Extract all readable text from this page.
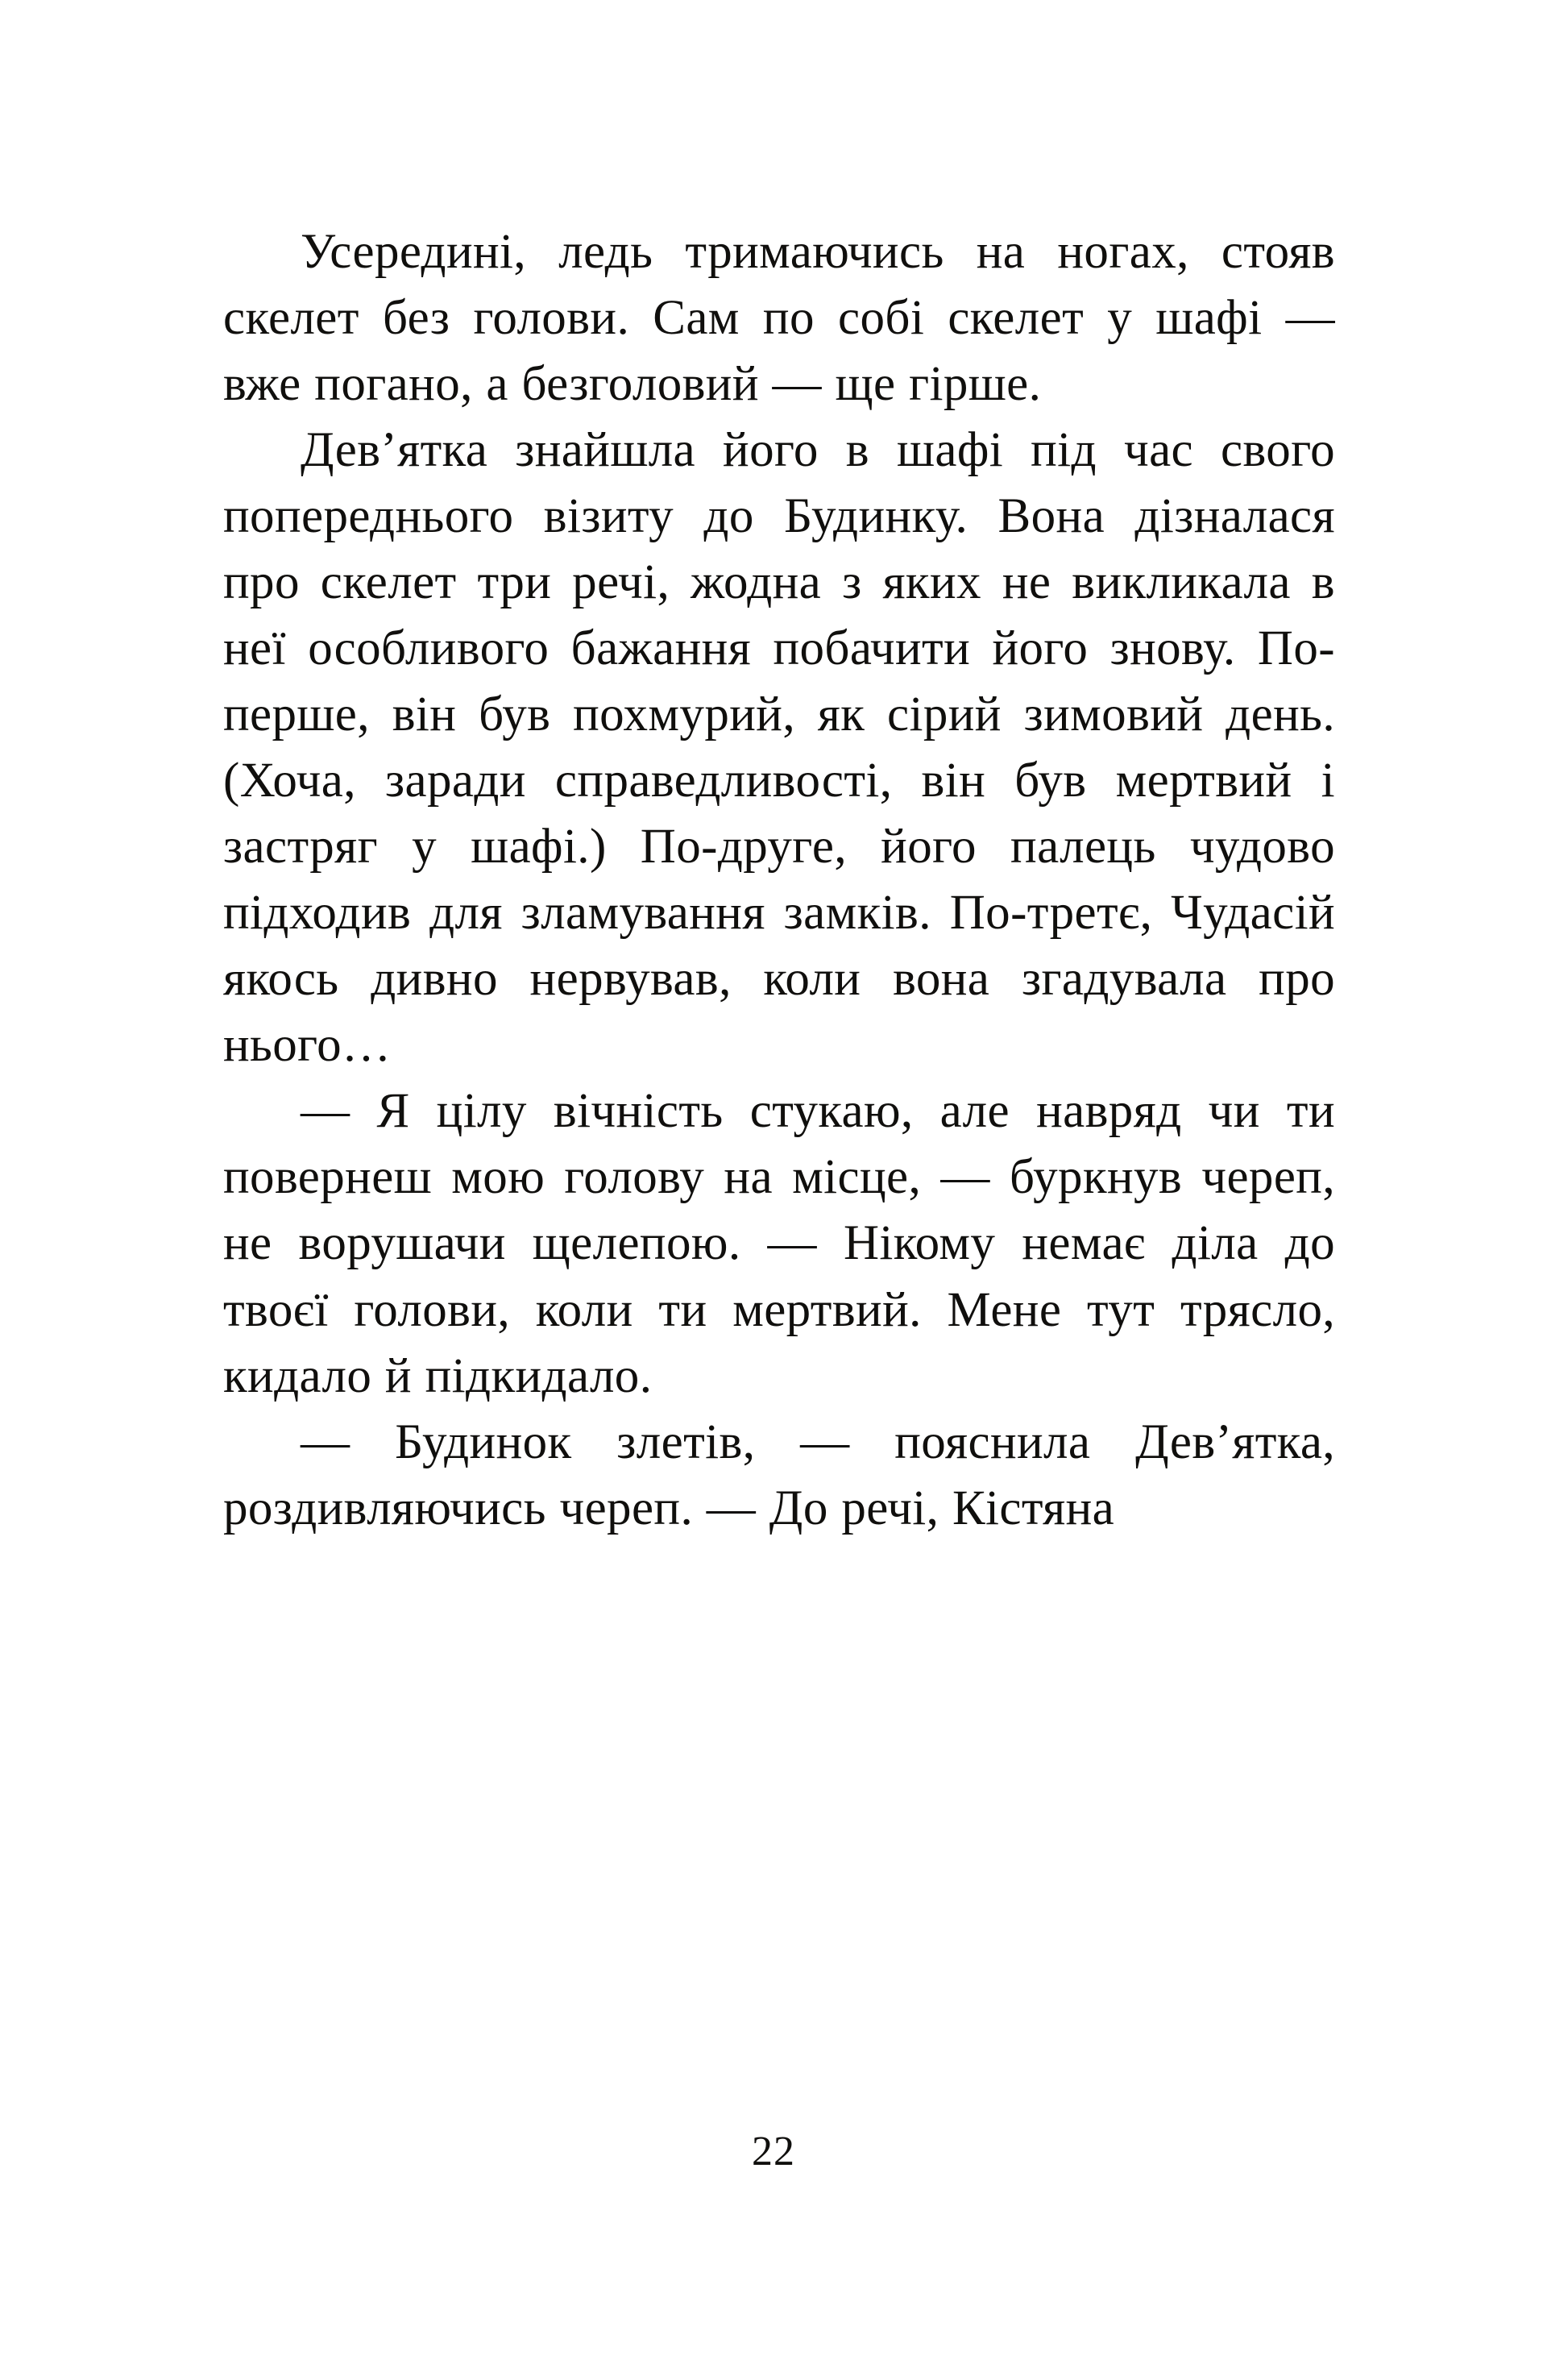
Усередині, ледь тримаючись на ногах, стояв скелет без голови. Сам по собі скелет у шафі — вже погано, а безголовий — ще гірше.

Дев’ятка знайшла його в шафі під час свого попереднього візиту до Будинку. Вона дізналася про скелет три речі, жодна з яких не викликала в неї особливого бажання побачити його знову. По-перше, він був похмурий, як сірий зимовий день. (Хоча, заради справедливості, він був мертвий і застряг у шафі.) По-друге, його палець чудово підходив для зламування замків. По-третє, Чудасій якось дивно нервував, коли вона згадувала про нього…

— Я цілу вічність стукаю, але навряд чи ти повернеш мою голову на місце, — буркнув череп, не ворушачи щелепою. — Нікому немає діла до твоєї голови, коли ти мертвий. Мене тут трясло, кидало й підкидало.

— Будинок злетів, — пояснила Дев’ятка, роздивляючись череп. — До речі, Кістяна

22
